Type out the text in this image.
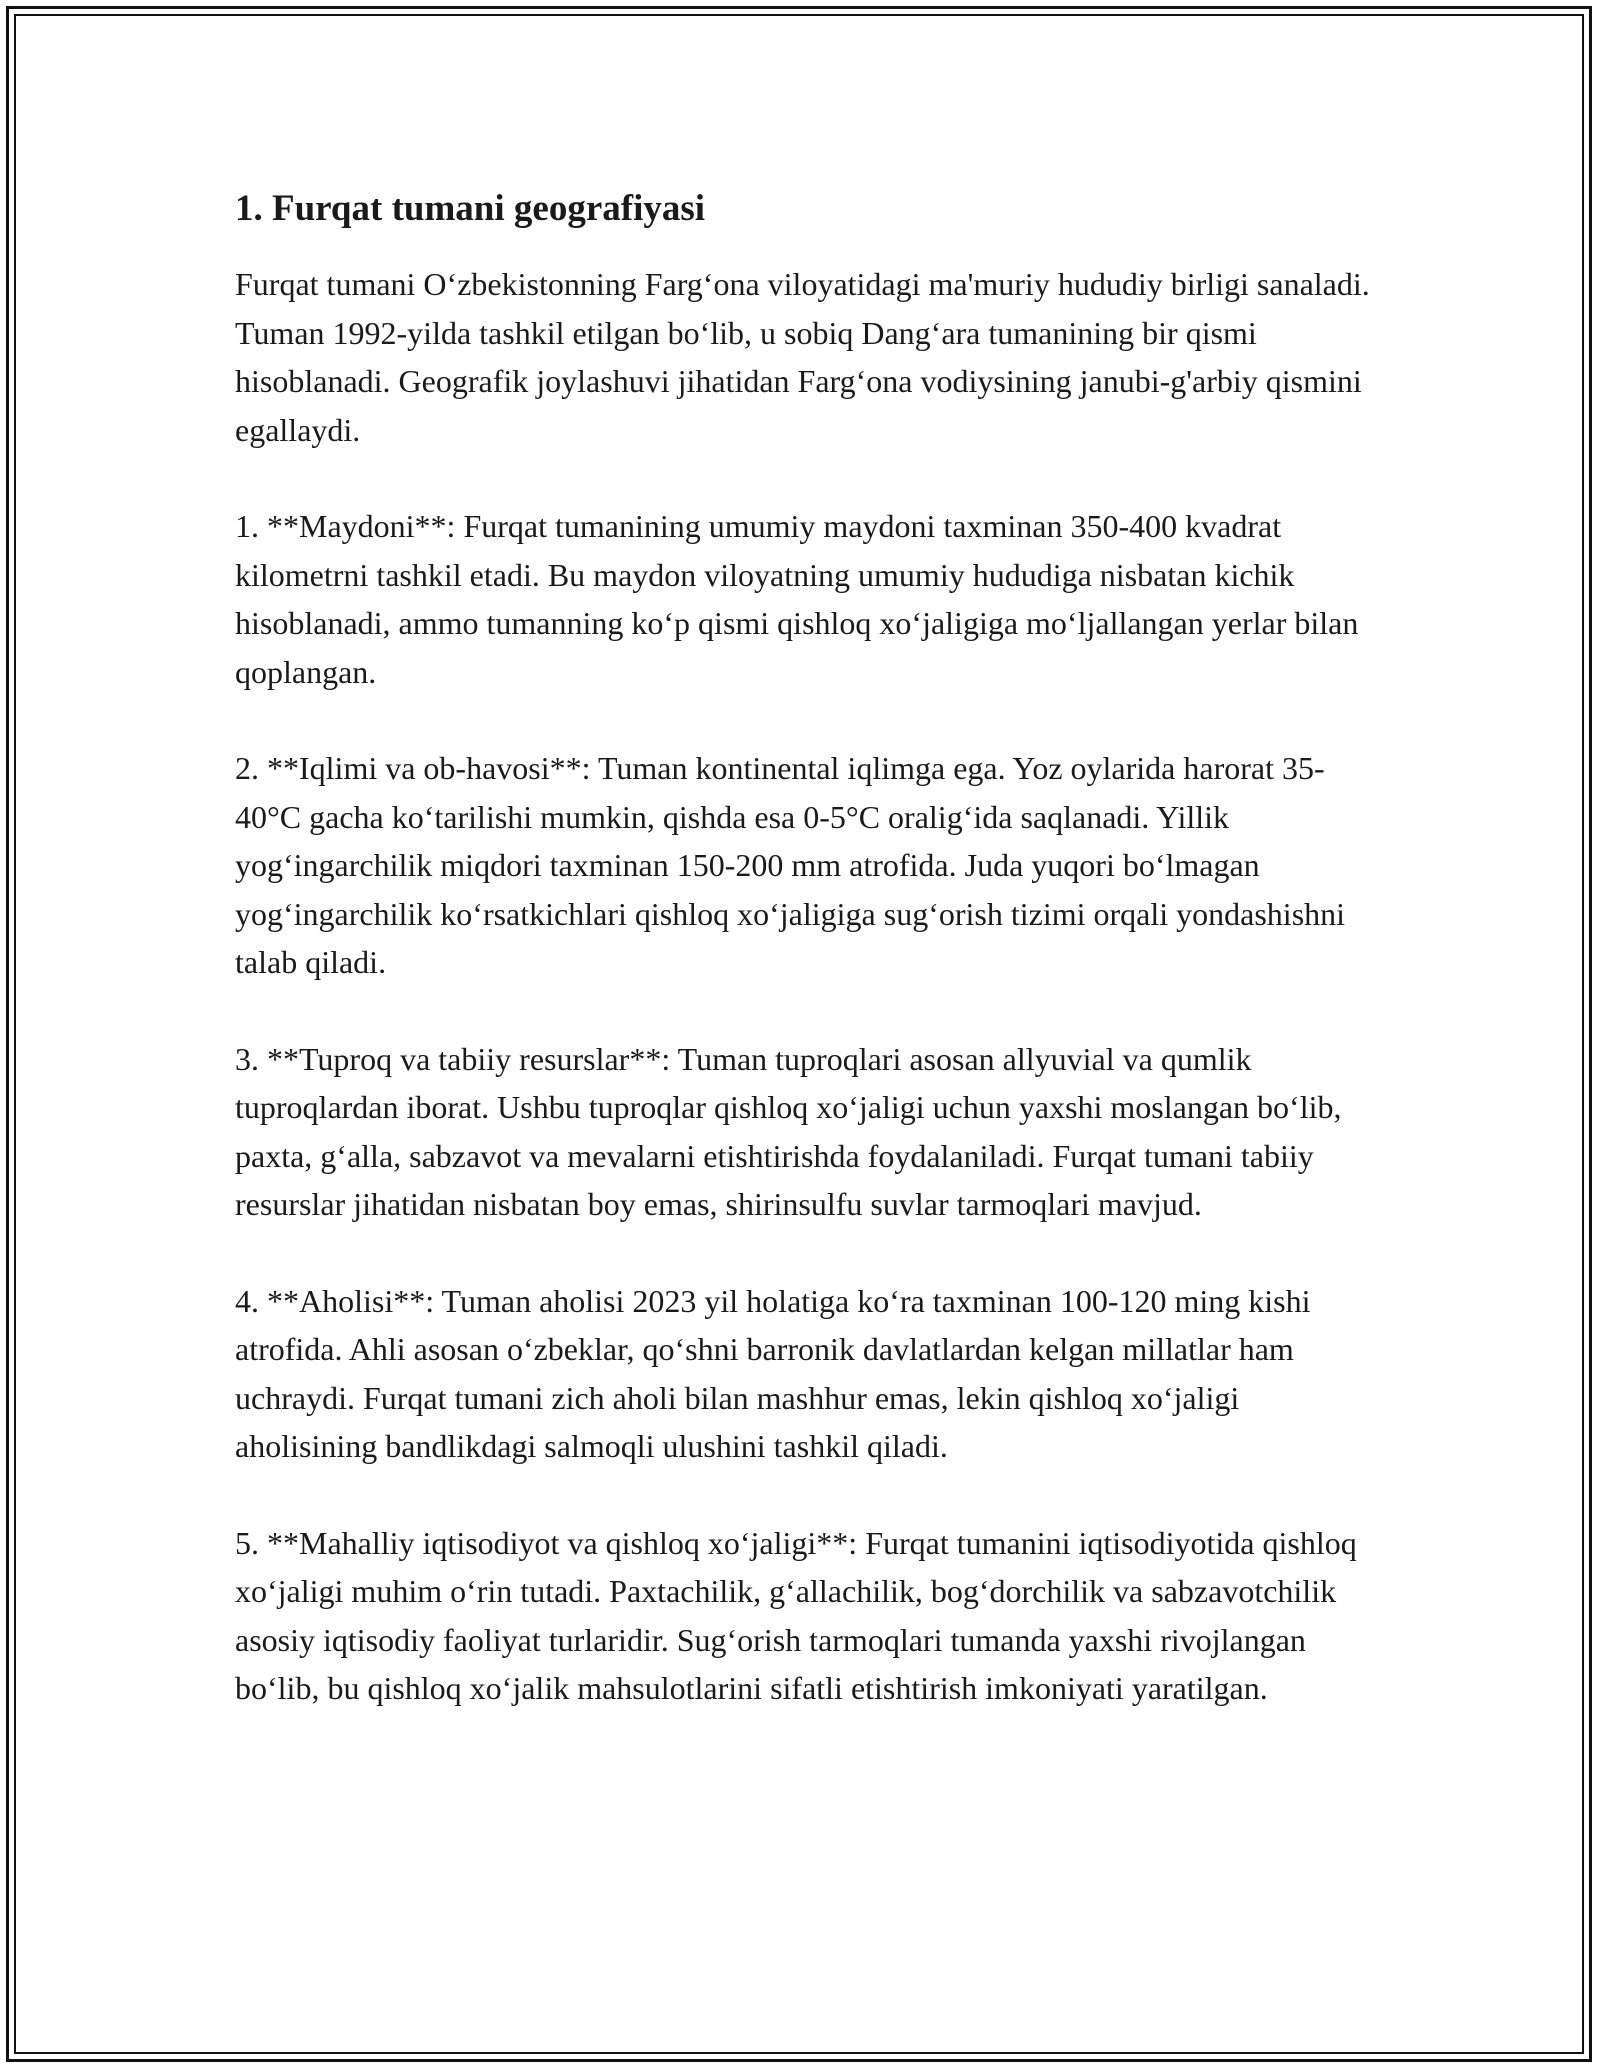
1. Furqat tumani geografiyasi

Furqat tumani O‘zbekistonning Farg‘ona viloyatidagi ma'muriy hududiy birligi sanaladi. Tuman 1992-yilda tashkil etilgan bo‘lib, u sobiq Dang‘ara tumanining bir qismi hisoblanadi. Geografik joylashuvi jihatidan Farg‘ona vodiysining janubi-g'arbiy qismini egallaydi.

1. **Maydoni**: Furqat tumanining umumiy maydoni taxminan 350-400 kvadrat kilometrni tashkil etadi. Bu maydon viloyatning umumiy hududiga nisbatan kichik hisoblanadi, ammo tumanning ko‘p qismi qishloq xo‘jaligiga mo‘ljallangan yerlar bilan qoplangan.

2. **Iqlimi va ob-havosi**: Tuman kontinental iqlimga ega. Yoz oylarida harorat 35-40°C gacha ko‘tarilishi mumkin, qishda esa 0-5°C oralig‘ida saqlanadi. Yillik yog‘ingarchilik miqdori taxminan 150-200 mm atrofida. Juda yuqori bo‘lmagan yog‘ingarchilik ko‘rsatkichlari qishloq xo‘jaligiga sug‘orish tizimi orqali yondashishni talab qiladi.

3. **Tuproq va tabiiy resurslar**: Tuman tuproqlari asosan allyuvial va qumlik tuproqlardan iborat. Ushbu tuproqlar qishloq xo‘jaligi uchun yaxshi moslangan bo‘lib, paxta, g‘alla, sabzavot va mevalarni etishtirishda foydalaniladi. Furqat tumani tabiiy resurslar jihatidan nisbatan boy emas, shirinsulfu suvlar tarmoqlari mavjud.

4. **Aholisi**: Tuman aholisi 2023 yil holatiga ko‘ra taxminan 100-120 ming kishi atrofida. Ahli asosan o‘zbeklar, qo‘shni barronik davlatlardan kelgan millatlar ham uchraydi. Furqat tumani zich aholi bilan mashhur emas, lekin qishloq xo‘jaligi aholisining bandlikdagi salmoqli ulushini tashkil qiladi.

5. **Mahalliy iqtisodiyot va qishloq xo‘jaligi**: Furqat tumanini iqtisodiyotida qishloq xo‘jaligi muhim o‘rin tutadi. Paxtachilik, g‘allachilik, bog‘dorchilik va sabzavotchilik asosiy iqtisodiy faoliyat turlaridir. Sug‘orish tarmoqlari tumanda yaxshi rivojlangan bo‘lib, bu qishloq xo‘jalik mahsulotlarini sifatli etishtirish imkoniyati yaratilgan.
